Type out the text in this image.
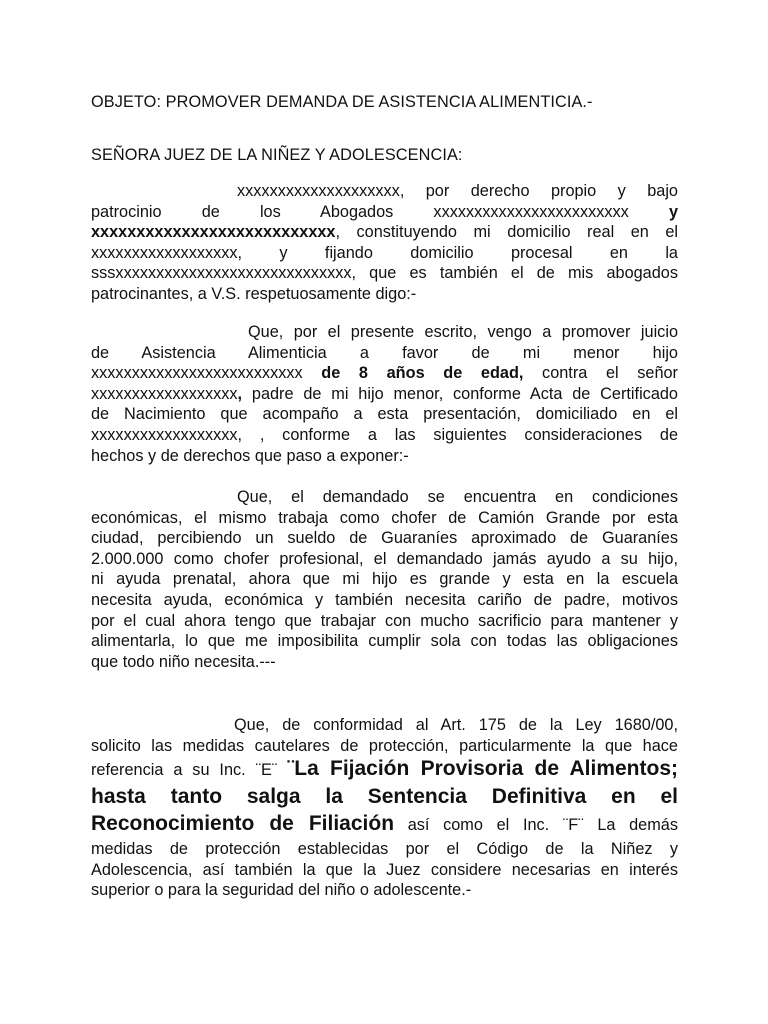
OBJETO: PROMOVER DEMANDA DE ASISTENCIA ALIMENTICIA.-
SEÑORA JUEZ DE LA NIÑEZ Y ADOLESCENCIA:
xxxxxxxxxxxxxxxxxxxx, por derecho propio y bajo
patrocinio de los Abogados xxxxxxxxxxxxxxxxxxxxxxxx y
xxxxxxxxxxxxxxxxxxxxxxxxxxx, constituyendo mi domicilio real en el
xxxxxxxxxxxxxxxxxx, y fijando domicilio procesal en la
sssxxxxxxxxxxxxxxxxxxxxxxxxxxxxx, que es también el de mis abogados
patrocinantes, a V.S. respetuosamente digo:-
Que, por el presente escrito, vengo a promover juicio
de Asistencia Alimenticia a favor de mi menor hijo
xxxxxxxxxxxxxxxxxxxxxxxxxx de 8 años de edad, contra el señor
xxxxxxxxxxxxxxxxxx, padre de mi hijo menor, conforme Acta de Certificado
de Nacimiento que acompaño a esta presentación, domiciliado en el
xxxxxxxxxxxxxxxxxx, , conforme a las siguientes consideraciones de
hechos y de derechos que paso a exponer:-
Que, el demandado se encuentra en condiciones
económicas, el mismo trabaja como chofer de Camión Grande por esta
ciudad, percibiendo un sueldo de Guaraníes aproximado de Guaraníes
2.000.000 como chofer profesional, el demandado jamás ayudo a su hijo,
ni ayuda prenatal, ahora que mi hijo es grande y esta en la escuela
necesita ayuda, económica y también necesita cariño de padre, motivos
por el cual ahora tengo que trabajar con mucho sacrificio para mantener y
alimentarla, lo que me imposibilita cumplir sola con todas las obligaciones
que todo niño necesita.---
Que, de conformidad al Art. 175 de la Ley 1680/00,
solicito las medidas cautelares de protección, particularmente la que hace
referencia a su Inc. ¨E¨ ¨La Fijación Provisoria de Alimentos;
hasta tanto salga la Sentencia Definitiva en el
Reconocimiento de Filiación así como el Inc. ¨F¨ La demás
medidas de protección establecidas por el Código de la Niñez y
Adolescencia, así también la que la Juez considere necesarias en interés
superior o para la seguridad del niño o adolescente.-
